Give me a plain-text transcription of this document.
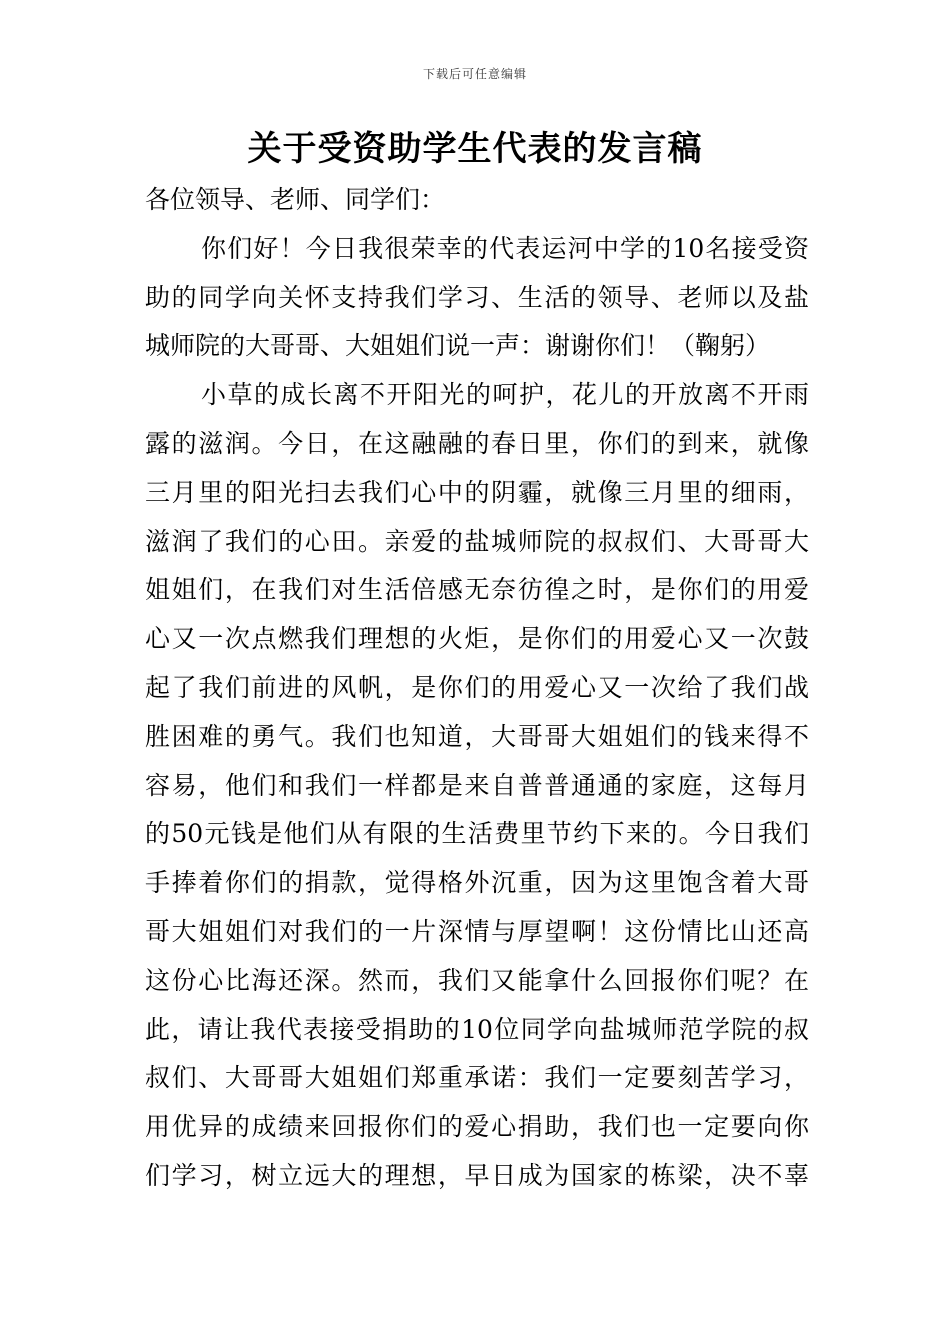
下载后可任意编辑
关于受资助学生代表的发言稿
各位领导、老师、同学们：
你们好！今日我很荣幸的代表运河中学的10名接受资
助的同学向关怀支持我们学习、生活的领导、老师以及盐
城师院的大哥哥、大姐姐们说一声：谢谢你们！（鞠躬）
小草的成长离不开阳光的呵护，花儿的开放离不开雨
露的滋润。今日，在这融融的春日里，你们的到来，就像
三月里的阳光扫去我们心中的阴霾，就像三月里的细雨，
滋润了我们的心田。亲爱的盐城师院的叔叔们、大哥哥大
姐姐们，在我们对生活倍感无奈彷徨之时，是你们的用爱
心又一次点燃我们理想的火炬，是你们的用爱心又一次鼓
起了我们前进的风帆，是你们的用爱心又一次给了我们战
胜困难的勇气。我们也知道，大哥哥大姐姐们的钱来得不
容易，他们和我们一样都是来自普普通通的家庭，这每月
的50元钱是他们从有限的生活费里节约下来的。今日我们
手捧着你们的捐款，觉得格外沉重，因为这里饱含着大哥
哥大姐姐们对我们的一片深情与厚望啊！这份情比山还高
这份心比海还深。然而，我们又能拿什么回报你们呢？在
此，请让我代表接受捐助的10位同学向盐城师范学院的叔
叔们、大哥哥大姐姐们郑重承诺：我们一定要刻苦学习，
用优异的成绩来回报你们的爱心捐助，我们也一定要向你
们学习，树立远大的理想，早日成为国家的栋梁，决不辜
